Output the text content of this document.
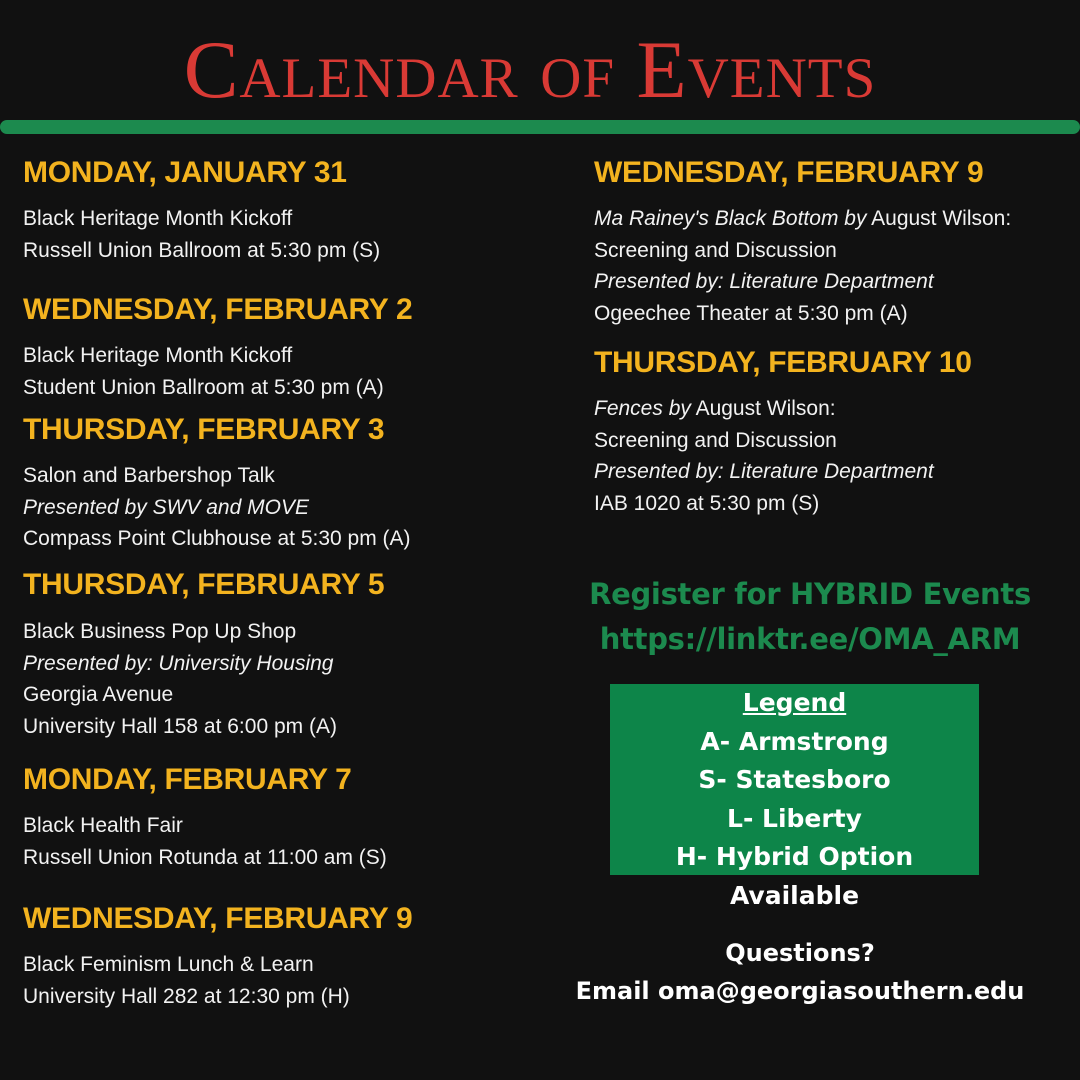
Calendar of Events
MONDAY, JANUARY 31
Black Heritage Month Kickoff
Russell Union Ballroom at 5:30 pm (S)
WEDNESDAY, FEBRUARY 2
Black Heritage Month Kickoff
Student Union Ballroom at 5:30 pm (A)
THURSDAY, FEBRUARY 3
Salon and Barbershop Talk
Presented by SWV and MOVE
Compass Point Clubhouse at 5:30 pm (A)
THURSDAY, FEBRUARY 5
Black Business Pop Up Shop
Presented by: University Housing
Georgia Avenue
University Hall 158 at 6:00 pm (A)
MONDAY, FEBRUARY 7
Black Health Fair
Russell Union Rotunda at 11:00 am (S)
WEDNESDAY, FEBRUARY 9
Black Feminism Lunch & Learn
University Hall 282 at 12:30 pm (H)
WEDNESDAY, FEBRUARY 9
Ma Rainey's Black Bottom by August Wilson:
Screening and Discussion
Presented by: Literature Department
Ogeechee Theater at 5:30 pm (A)
THURSDAY, FEBRUARY 10
Fences by August Wilson:
Screening and Discussion
Presented by: Literature Department
IAB 1020 at 5:30 pm (S)
Register for HYBRID Events
https://linktr.ee/OMA_ARM
Legend
A- Armstrong
S- Statesboro
L- Liberty
H- Hybrid Option Available
Questions?
Email oma@georgiasouthern.edu
